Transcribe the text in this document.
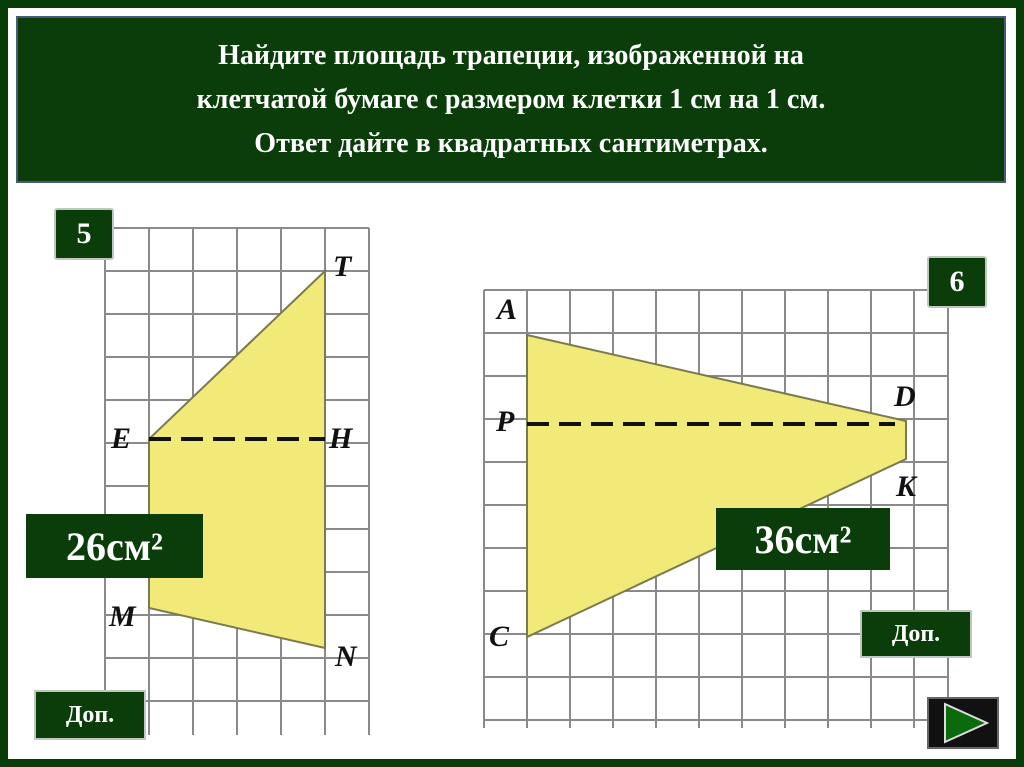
Найдите площадь трапеции, изображенной на
клетчатой бумаге с размером клетки 1 см на 1 см.
Ответ дайте в квадратных сантиметрах.
5
26см²
Доп.
T
E	H
M
N
6
36см²
Доп.
A
P
D
K
C
